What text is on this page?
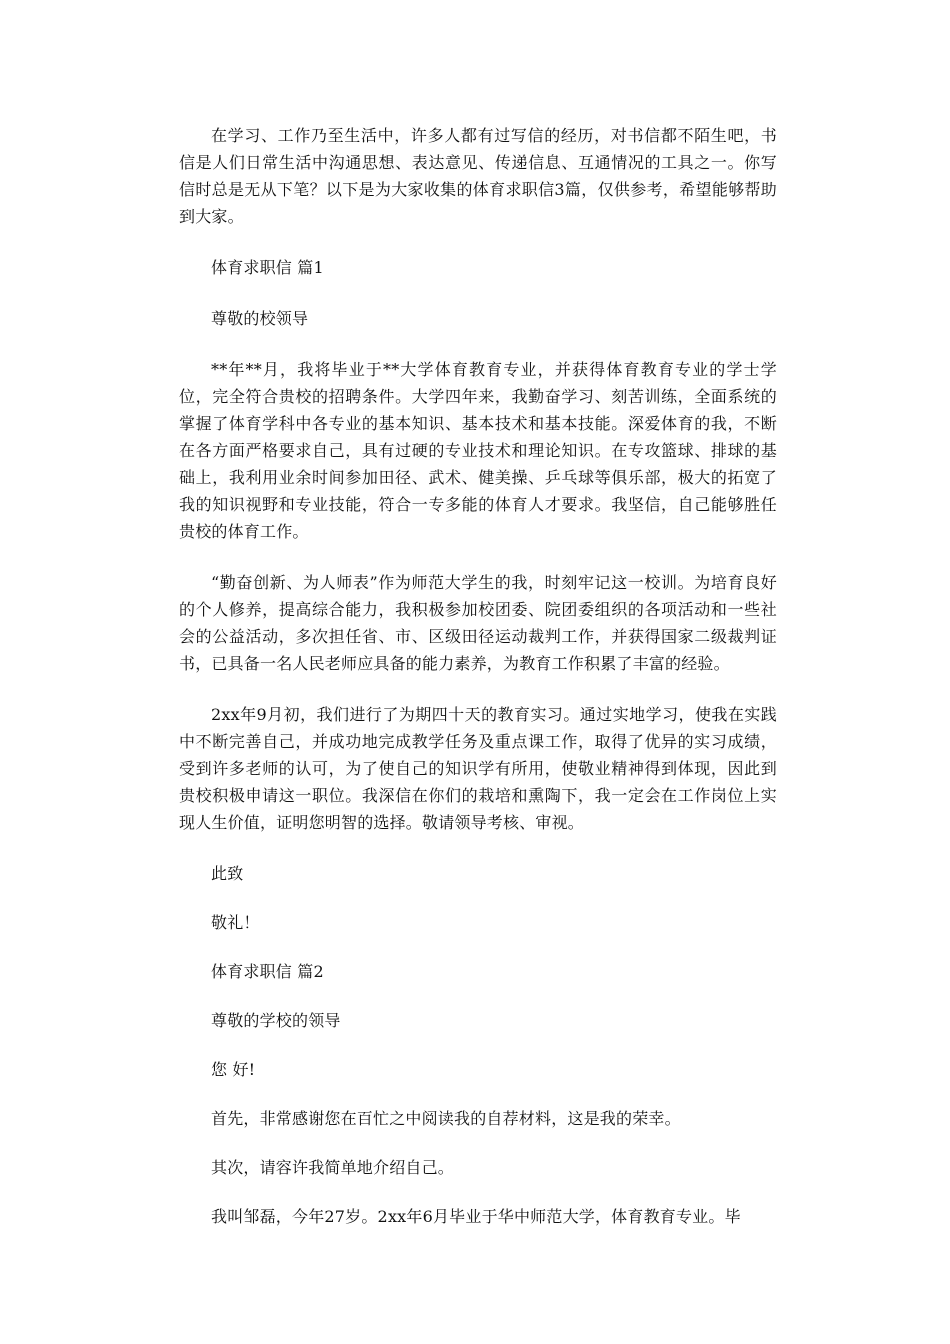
在学习、工作乃至生活中，许多人都有过写信的经历，对书信都不陌生吧，书信是人们日常生活中沟通思想、表达意见、传递信息、互通情况的工具之一。你写信时总是无从下笔？以下是为大家收集的体育求职信3篇，仅供参考，希望能够帮助到大家。

体育求职信 篇1

尊敬的校领导

**年**月，我将毕业于**大学体育教育专业，并获得体育教育专业的学士学位，完全符合贵校的招聘条件。大学四年来，我勤奋学习、刻苦训练，全面系统的掌握了体育学科中各专业的基本知识、基本技术和基本技能。深爱体育的我，不断在各方面严格要求自己，具有过硬的专业技术和理论知识。在专攻篮球、排球的基础上，我利用业余时间参加田径、武术、健美操、乒乓球等俱乐部，极大的拓宽了我的知识视野和专业技能，符合一专多能的体育人才要求。我坚信，自己能够胜任贵校的体育工作。

“勤奋创新、为人师表”作为师范大学生的我，时刻牢记这一校训。为培育良好的个人修养，提高综合能力，我积极参加校团委、院团委组织的各项活动和一些社会的公益活动，多次担任省、市、区级田径运动裁判工作，并获得国家二级裁判证书，已具备一名人民老师应具备的能力素养，为教育工作积累了丰富的经验。

2xx年9月初，我们进行了为期四十天的教育实习。通过实地学习，使我在实践中不断完善自己，并成功地完成教学任务及重点课工作，取得了优异的实习成绩，受到许多老师的认可，为了使自己的知识学有所用，使敬业精神得到体现，因此到贵校积极申请这一职位。我深信在你们的栽培和熏陶下，我一定会在工作岗位上实现人生价值，证明您明智的选择。敬请领导考核、审视。

此致

敬礼！

体育求职信 篇2

尊敬的学校的领导

您 好!

首先，非常感谢您在百忙之中阅读我的自荐材料，这是我的荣幸。

其次，请容许我简单地介绍自己。

我叫邹磊，今年27岁。2xx年6月毕业于华中师范大学，体育教育专业。毕
